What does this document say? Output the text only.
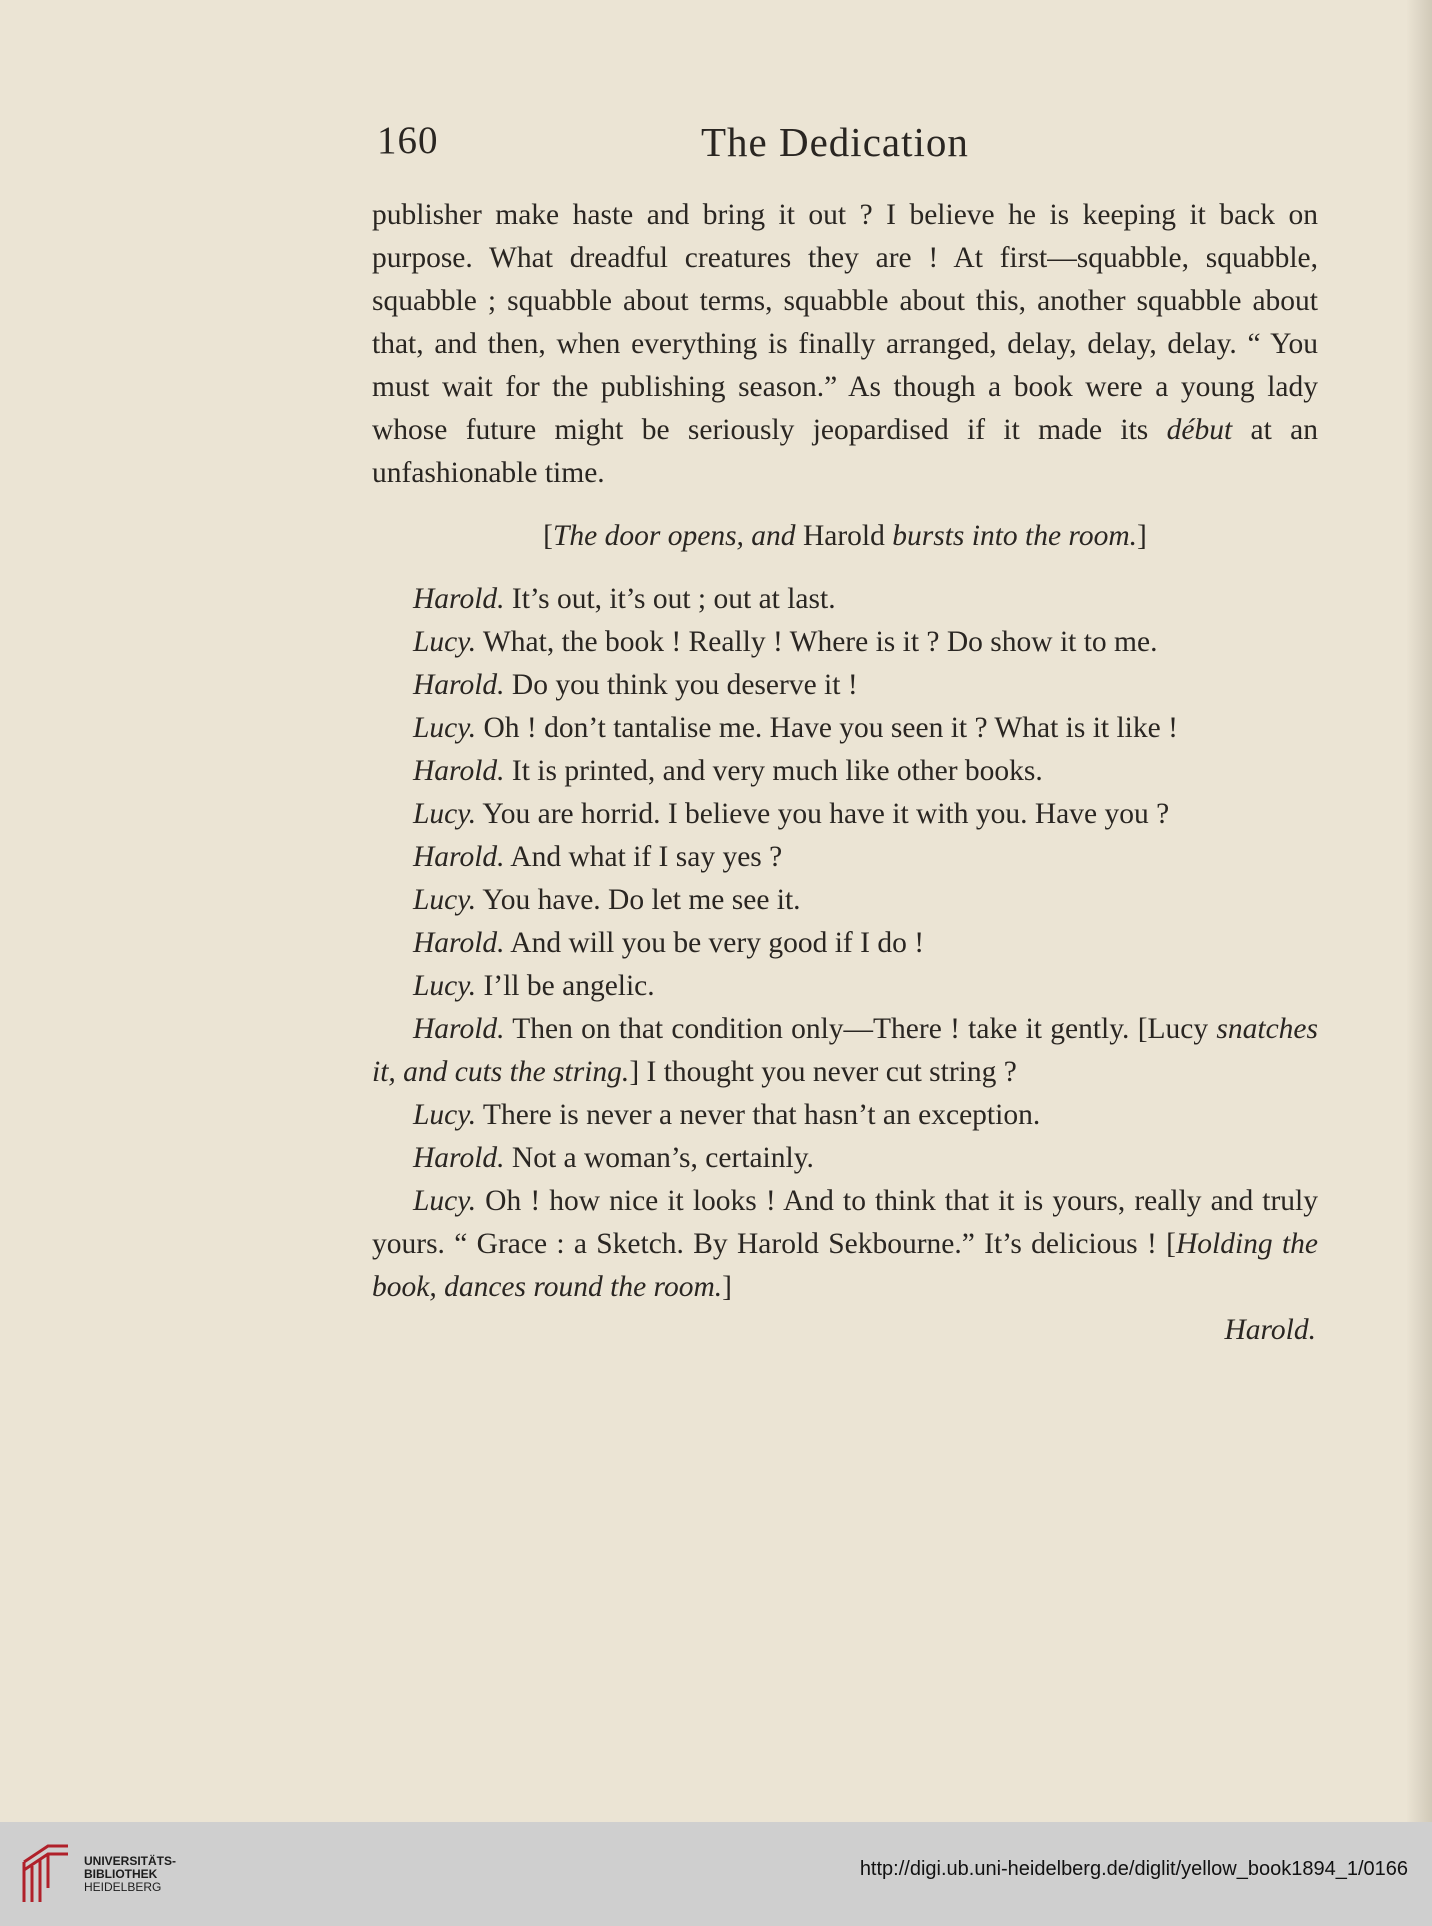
160	The Dedication

publisher make haste and bring it out ? I believe he is keeping it back on purpose. What dreadful creatures they are ! At first—squabble, squabble, squabble ; squabble about terms, squabble about this, another squabble about that, and then, when everything is finally arranged, delay, delay, delay. “ You must wait for the publishing season.” As though a book were a young lady whose future might be seriously jeopardised if it made its début at an unfashionable time.

[The door opens, and Harold bursts into the room.]

Harold. It’s out, it’s out ; out at last.

Lucy. What, the book ! Really ! Where is it ? Do show it to me.

Harold. Do you think you deserve it !

Lucy. Oh ! don’t tantalise me. Have you seen it ? What is it like !

Harold. It is printed, and very much like other books.

Lucy. You are horrid. I believe you have it with you. Have you ?

Harold. And what if I say yes ?

Lucy. You have. Do let me see it.

Harold. And will you be very good if I do !

Lucy. I’ll be angelic.

Harold. Then on that condition only—There ! take it gently. [Lucy snatches it, and cuts the string.] I thought you never cut string ?

Lucy. There is never a never that hasn’t an exception.

Harold. Not a woman’s, certainly.

Lucy. Oh ! how nice it looks ! And to think that it is yours, really and truly yours. “ Grace : a Sketch. By Harold Sekbourne.” It’s delicious ! [Holding the book, dances round the room.]

Harold.

UNIVERSITÄTS-
BIBLIOTHEK
HEIDELBERG
http://digi.ub.uni-heidelberg.de/diglit/yellow_book1894_1/0166
